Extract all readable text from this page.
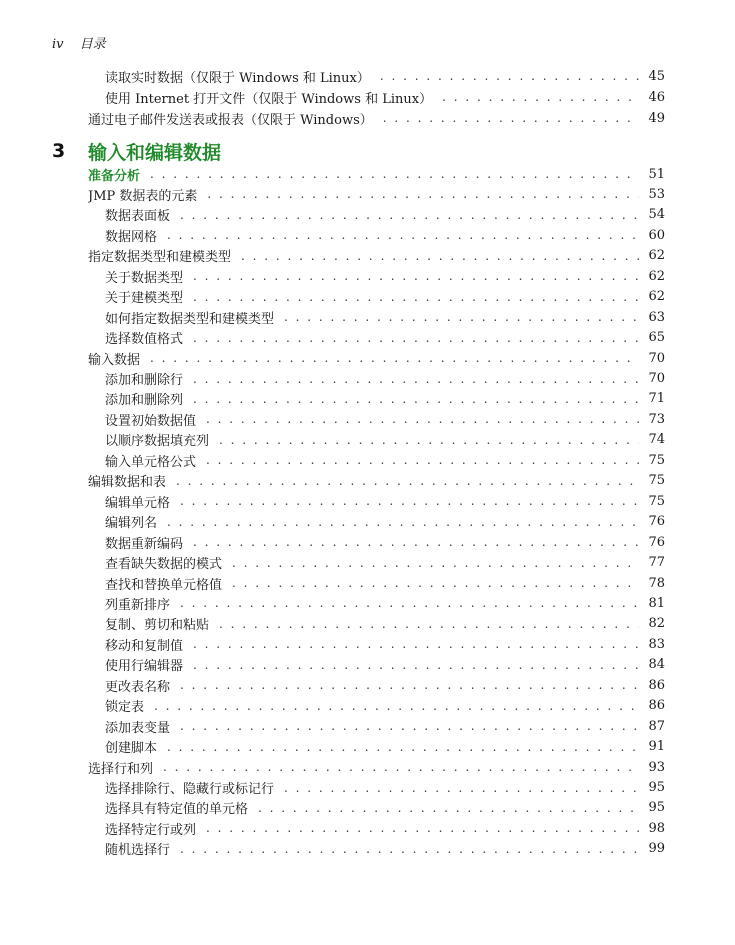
iv 目录
3	输入和编辑数据
读取实时数据（仅限于 Windows 和 Linux） . . .	45
使用 Internet 打开文件（仅限于 Windows 和 Linux） . . .	46
通过电子邮件发送表或报表（仅限于 Windows） . . .	49
准备分析 . . .	51
JMP 数据表的元素 . . .	53
数据表面板 . . .	54
数据网格 . . .	60
指定数据类型和建模类型 . . .	62
关于数据类型 . . .	62
关于建模类型 . . .	62
如何指定数据类型和建模类型 . . .	63
选择数值格式 . . .	65
输入数据 . . .	70
添加和删除行 . . .	70
添加和删除列 . . .	71
设置初始数据值 . . .	73
以顺序数据填充列 . . .	74
输入单元格公式 . . .	75
编辑数据和表 . . .	75
编辑单元格 . . .	75
编辑列名 . . .	76
数据重新编码 . . .	76
查看缺失数据的模式 . . .	77
查找和替换单元格值 . . .	78
列重新排序 . . .	81
复制、剪切和粘贴 . . .	82
移动和复制值 . . .	83
使用行编辑器 . . .	84
更改表名称 . . .	86
锁定表 . . .	86
添加表变量 . . .	87
创建脚本 . . .	91
选择行和列 . . .	93
选择排除行、隐藏行或标记行 . . .	95
选择具有特定值的单元格 . . .	95
选择特定行或列 . . .	98
随机选择行 . . .	99
